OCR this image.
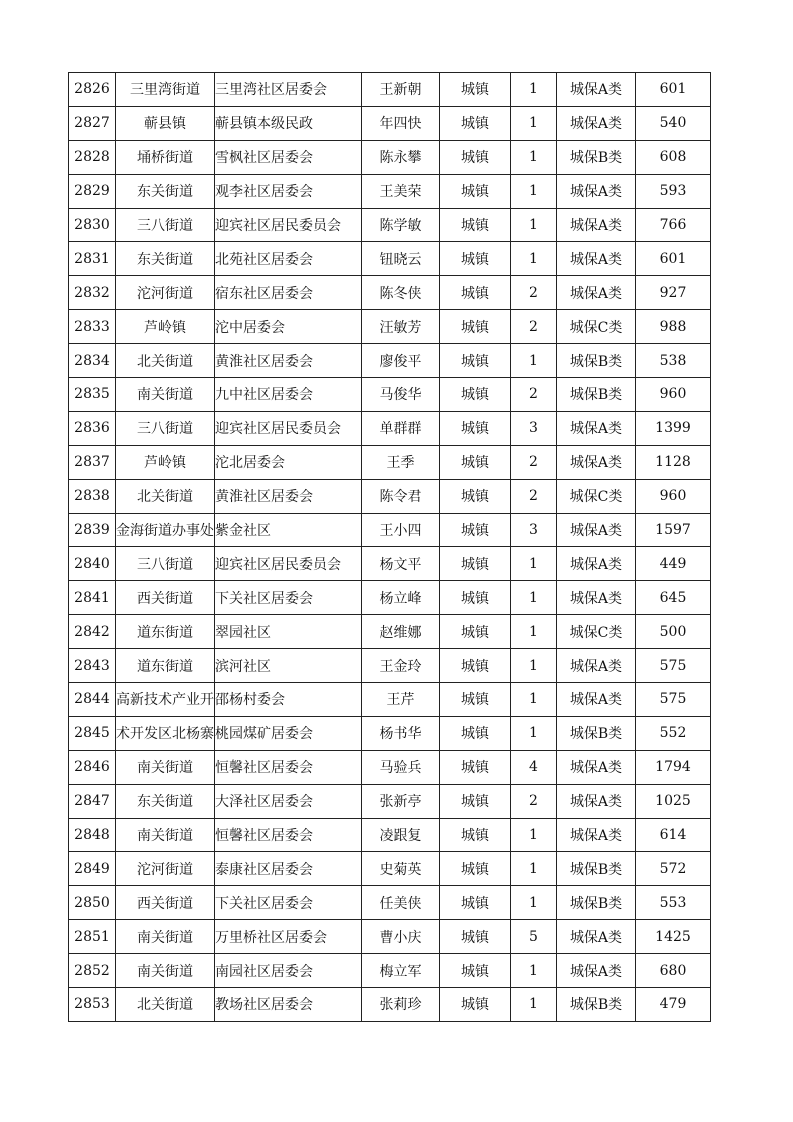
2826	三里湾街道	三里湾社区居委会	王新朝	城镇	1	城保A类	601
2827	蕲县镇	蕲县镇本级民政	年四快	城镇	1	城保A类	540
2828	埇桥街道	雪枫社区居委会	陈永攀	城镇	1	城保B类	608
2829	东关街道	观李社区居委会	王美荣	城镇	1	城保A类	593
2830	三八街道	迎宾社区居民委员会	陈学敏	城镇	1	城保A类	766
2831	东关街道	北苑社区居委会	钮晓云	城镇	1	城保A类	601
2832	沱河街道	宿东社区居委会	陈冬侠	城镇	2	城保A类	927
2833	芦岭镇	沱中居委会	汪敏芳	城镇	2	城保C类	988
2834	北关街道	黄淮社区居委会	廖俊平	城镇	1	城保B类	538
2835	南关街道	九中社区居委会	马俊华	城镇	2	城保B类	960
2836	三八街道	迎宾社区居民委员会	单群群	城镇	3	城保A类	1399
2837	芦岭镇	沱北居委会	王季	城镇	2	城保A类	1128
2838	北关街道	黄淮社区居委会	陈令君	城镇	2	城保C类	960
2839	金海街道办事处	紫金社区	王小四	城镇	3	城保A类	1597
2840	三八街道	迎宾社区居民委员会	杨文平	城镇	1	城保A类	449
2841	西关街道	下关社区居委会	杨立峰	城镇	1	城保A类	645
2842	道东街道	翠园社区	赵维娜	城镇	1	城保C类	500
2843	道东街道	滨河社区	王金玲	城镇	1	城保A类	575
2844	高新技术产业开	邵杨村委会	王芹	城镇	1	城保A类	575
2845	术开发区北杨寨	桃园煤矿居委会	杨书华	城镇	1	城保B类	552
2846	南关街道	恒馨社区居委会	马验兵	城镇	4	城保A类	1794
2847	东关街道	大泽社区居委会	张新亭	城镇	2	城保A类	1025
2848	南关街道	恒馨社区居委会	凌跟复	城镇	1	城保A类	614
2849	沱河街道	泰康社区居委会	史菊英	城镇	1	城保B类	572
2850	西关街道	下关社区居委会	任美侠	城镇	1	城保B类	553
2851	南关街道	万里桥社区居委会	曹小庆	城镇	5	城保A类	1425
2852	南关街道	南园社区居委会	梅立军	城镇	1	城保A类	680
2853	北关街道	教场社区居委会	张莉珍	城镇	1	城保B类	479
